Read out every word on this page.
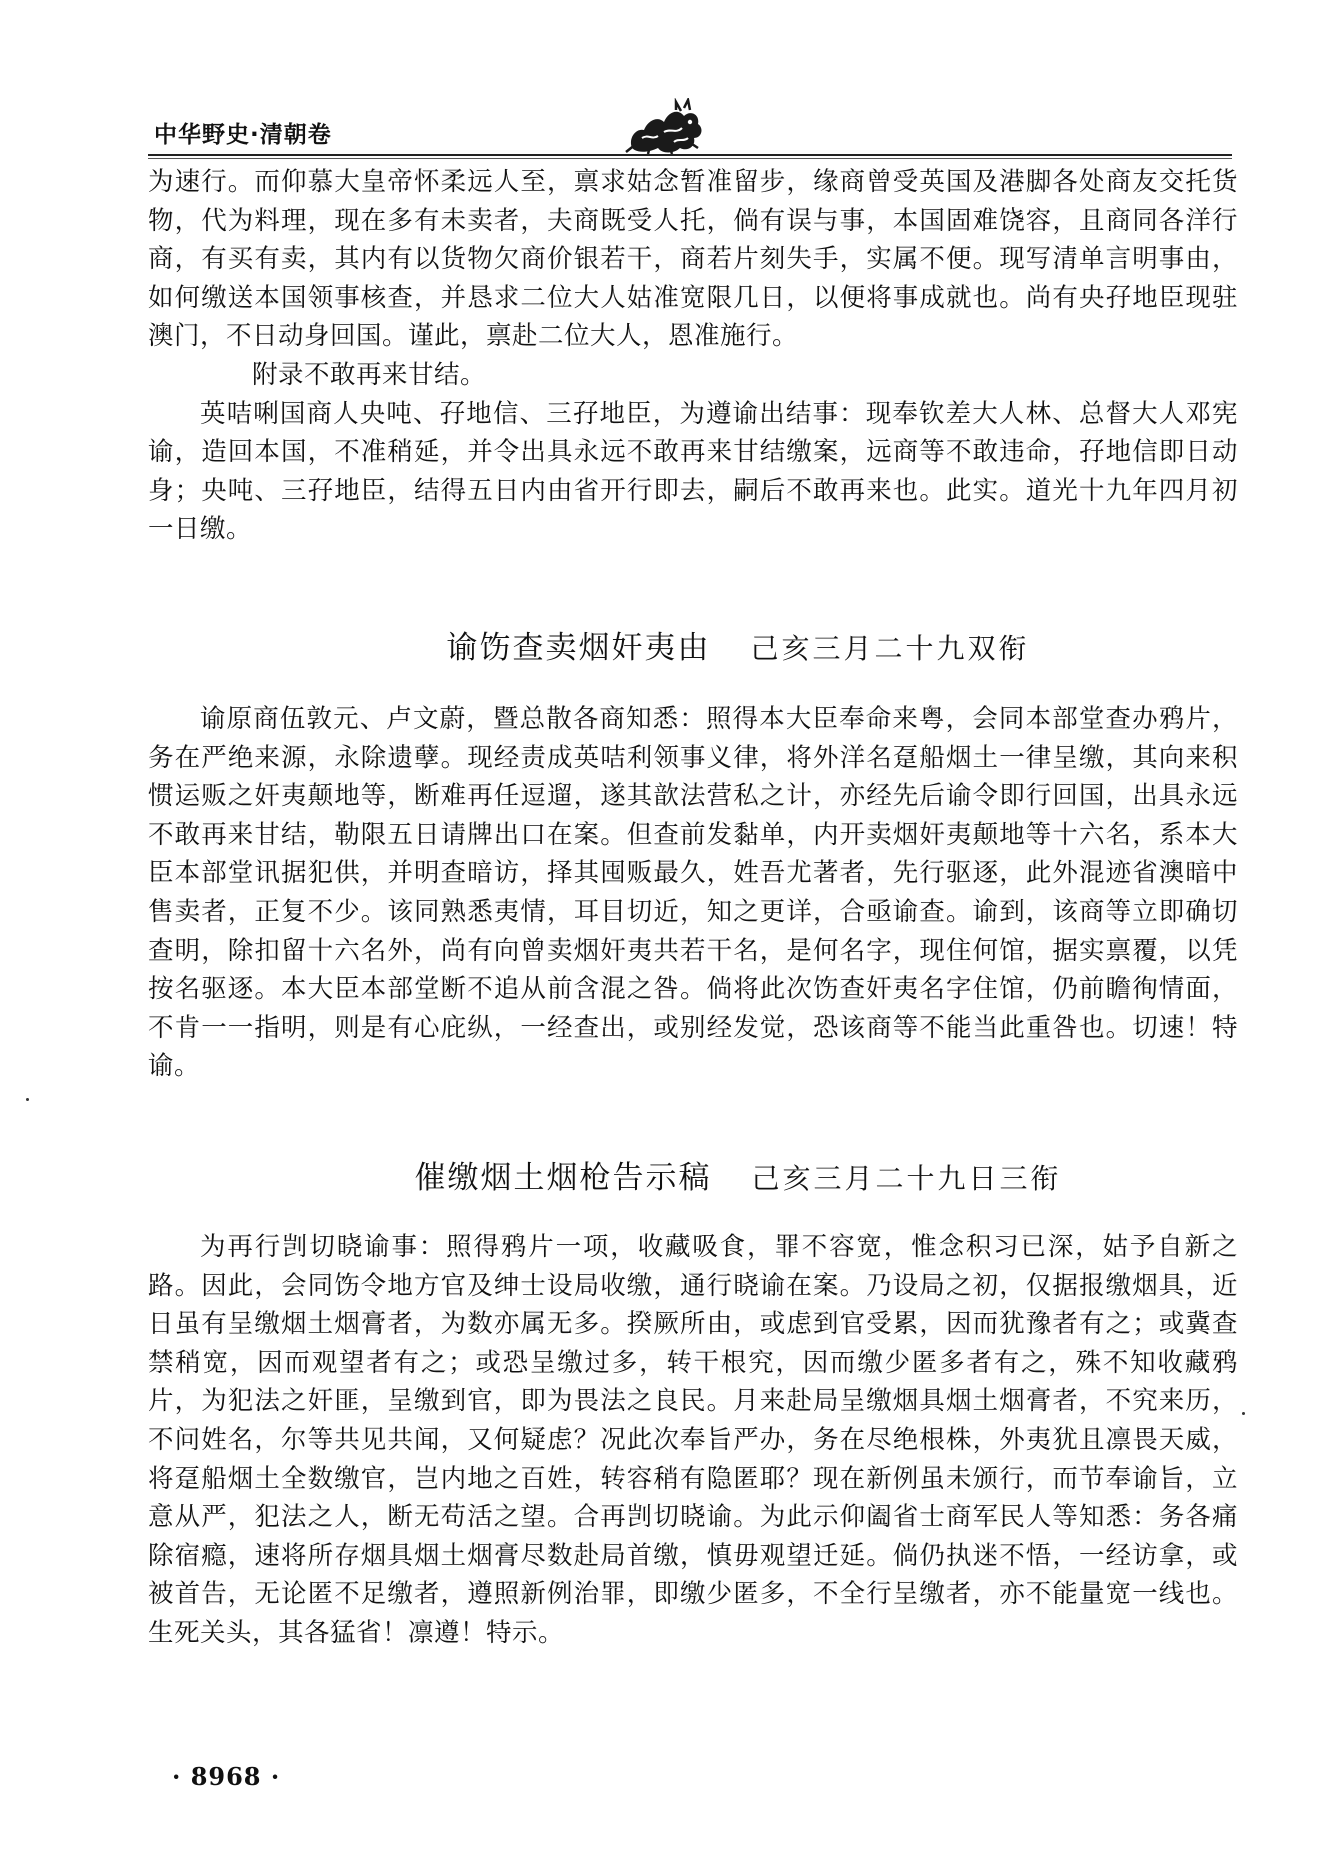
中华野史·清朝卷

为速行。而仰慕大皇帝怀柔远人至，禀求姑念暂准留步，缘商曾受英国及港脚各处商友交托货物，代为料理，现在多有未卖者，夫商既受人托，倘有误与事，本国固难饶容，且商同各洋行商，有买有卖，其内有以货物欠商价银若干，商若片刻失手，实属不便。现写清单言明事由，如何缴送本国领事核查，并恳求二位大人姑准宽限几日，以便将事成就也。尚有央孖地臣现驻澳门，不日动身回国。谨此，禀赴二位大人，恩准施行。

附录不敢再来甘结。

英咭唎国商人央吨、孖地信、三孖地臣，为遵谕出结事：现奉钦差大人林、总督大人邓宪谕，造回本国，不准稍延，并令出具永远不敢再来甘结缴案，远商等不敢违命，孖地信即日动身；央吨、三孖地臣，结得五日内由省开行即去，嗣后不敢再来也。此实。道光十九年四月初一日缴。

谕饬查卖烟奸夷由 己亥三月二十九双衔

谕原商伍敦元、卢文蔚，暨总散各商知悉：照得本大臣奉命来粤，会同本部堂查办鸦片，务在严绝来源，永除遗孽。现经责成英咭利领事义律，将外洋名趸船烟土一律呈缴，其向来积惯运贩之奸夷颠地等，断难再任逗遛，遂其歆法营私之计，亦经先后谕令即行回国，出具永远不敢再来甘结，勒限五日请牌出口在案。但查前发黏单，内开卖烟奸夷颠地等十六名，系本大臣本部堂讯据犯供，并明查暗访，择其囤贩最久，姓吾尤著者，先行驱逐，此外混迹省澳暗中售卖者，正复不少。该同熟悉夷情，耳目切近，知之更详，合亟谕查。谕到，该商等立即确切查明，除扣留十六名外，尚有向曾卖烟奸夷共若干名，是何名字，现住何馆，据实禀覆，以凭按名驱逐。本大臣本部堂断不追从前含混之咎。倘将此次饬查奸夷名字住馆，仍前瞻徇情面，不肯一一指明，则是有心庇纵，一经查出，或别经发觉，恐该商等不能当此重咎也。切速！特谕。

催缴烟土烟枪告示稿 己亥三月二十九日三衔

为再行剀切晓谕事：照得鸦片一项，收藏吸食，罪不容宽，惟念积习已深，姑予自新之路。因此，会同饬令地方官及绅士设局收缴，通行晓谕在案。乃设局之初，仅据报缴烟具，近日虽有呈缴烟土烟膏者，为数亦属无多。揆厥所由，或虑到官受累，因而犹豫者有之；或冀查禁稍宽，因而观望者有之；或恐呈缴过多，转干根究，因而缴少匿多者有之，殊不知收藏鸦片，为犯法之奸匪，呈缴到官，即为畏法之良民。月来赴局呈缴烟具烟土烟膏者，不究来历，不问姓名，尔等共见共闻，又何疑虑？况此次奉旨严办，务在尽绝根株，外夷犹且凛畏天威，将趸船烟土全数缴官，岂内地之百姓，转容稍有隐匿耶？现在新例虽未颁行，而节奉谕旨，立意从严，犯法之人，断无苟活之望。合再剀切晓谕。为此示仰阖省士商军民人等知悉：务各痛除宿瘾，速将所存烟具烟土烟膏尽数赴局首缴，慎毋观望迁延。倘仍执迷不悟，一经访拿，或被首告，无论匿不足缴者，遵照新例治罪，即缴少匿多，不全行呈缴者，亦不能量宽一线也。生死关头，其各猛省！凛遵！特示。

· 8968 ·
